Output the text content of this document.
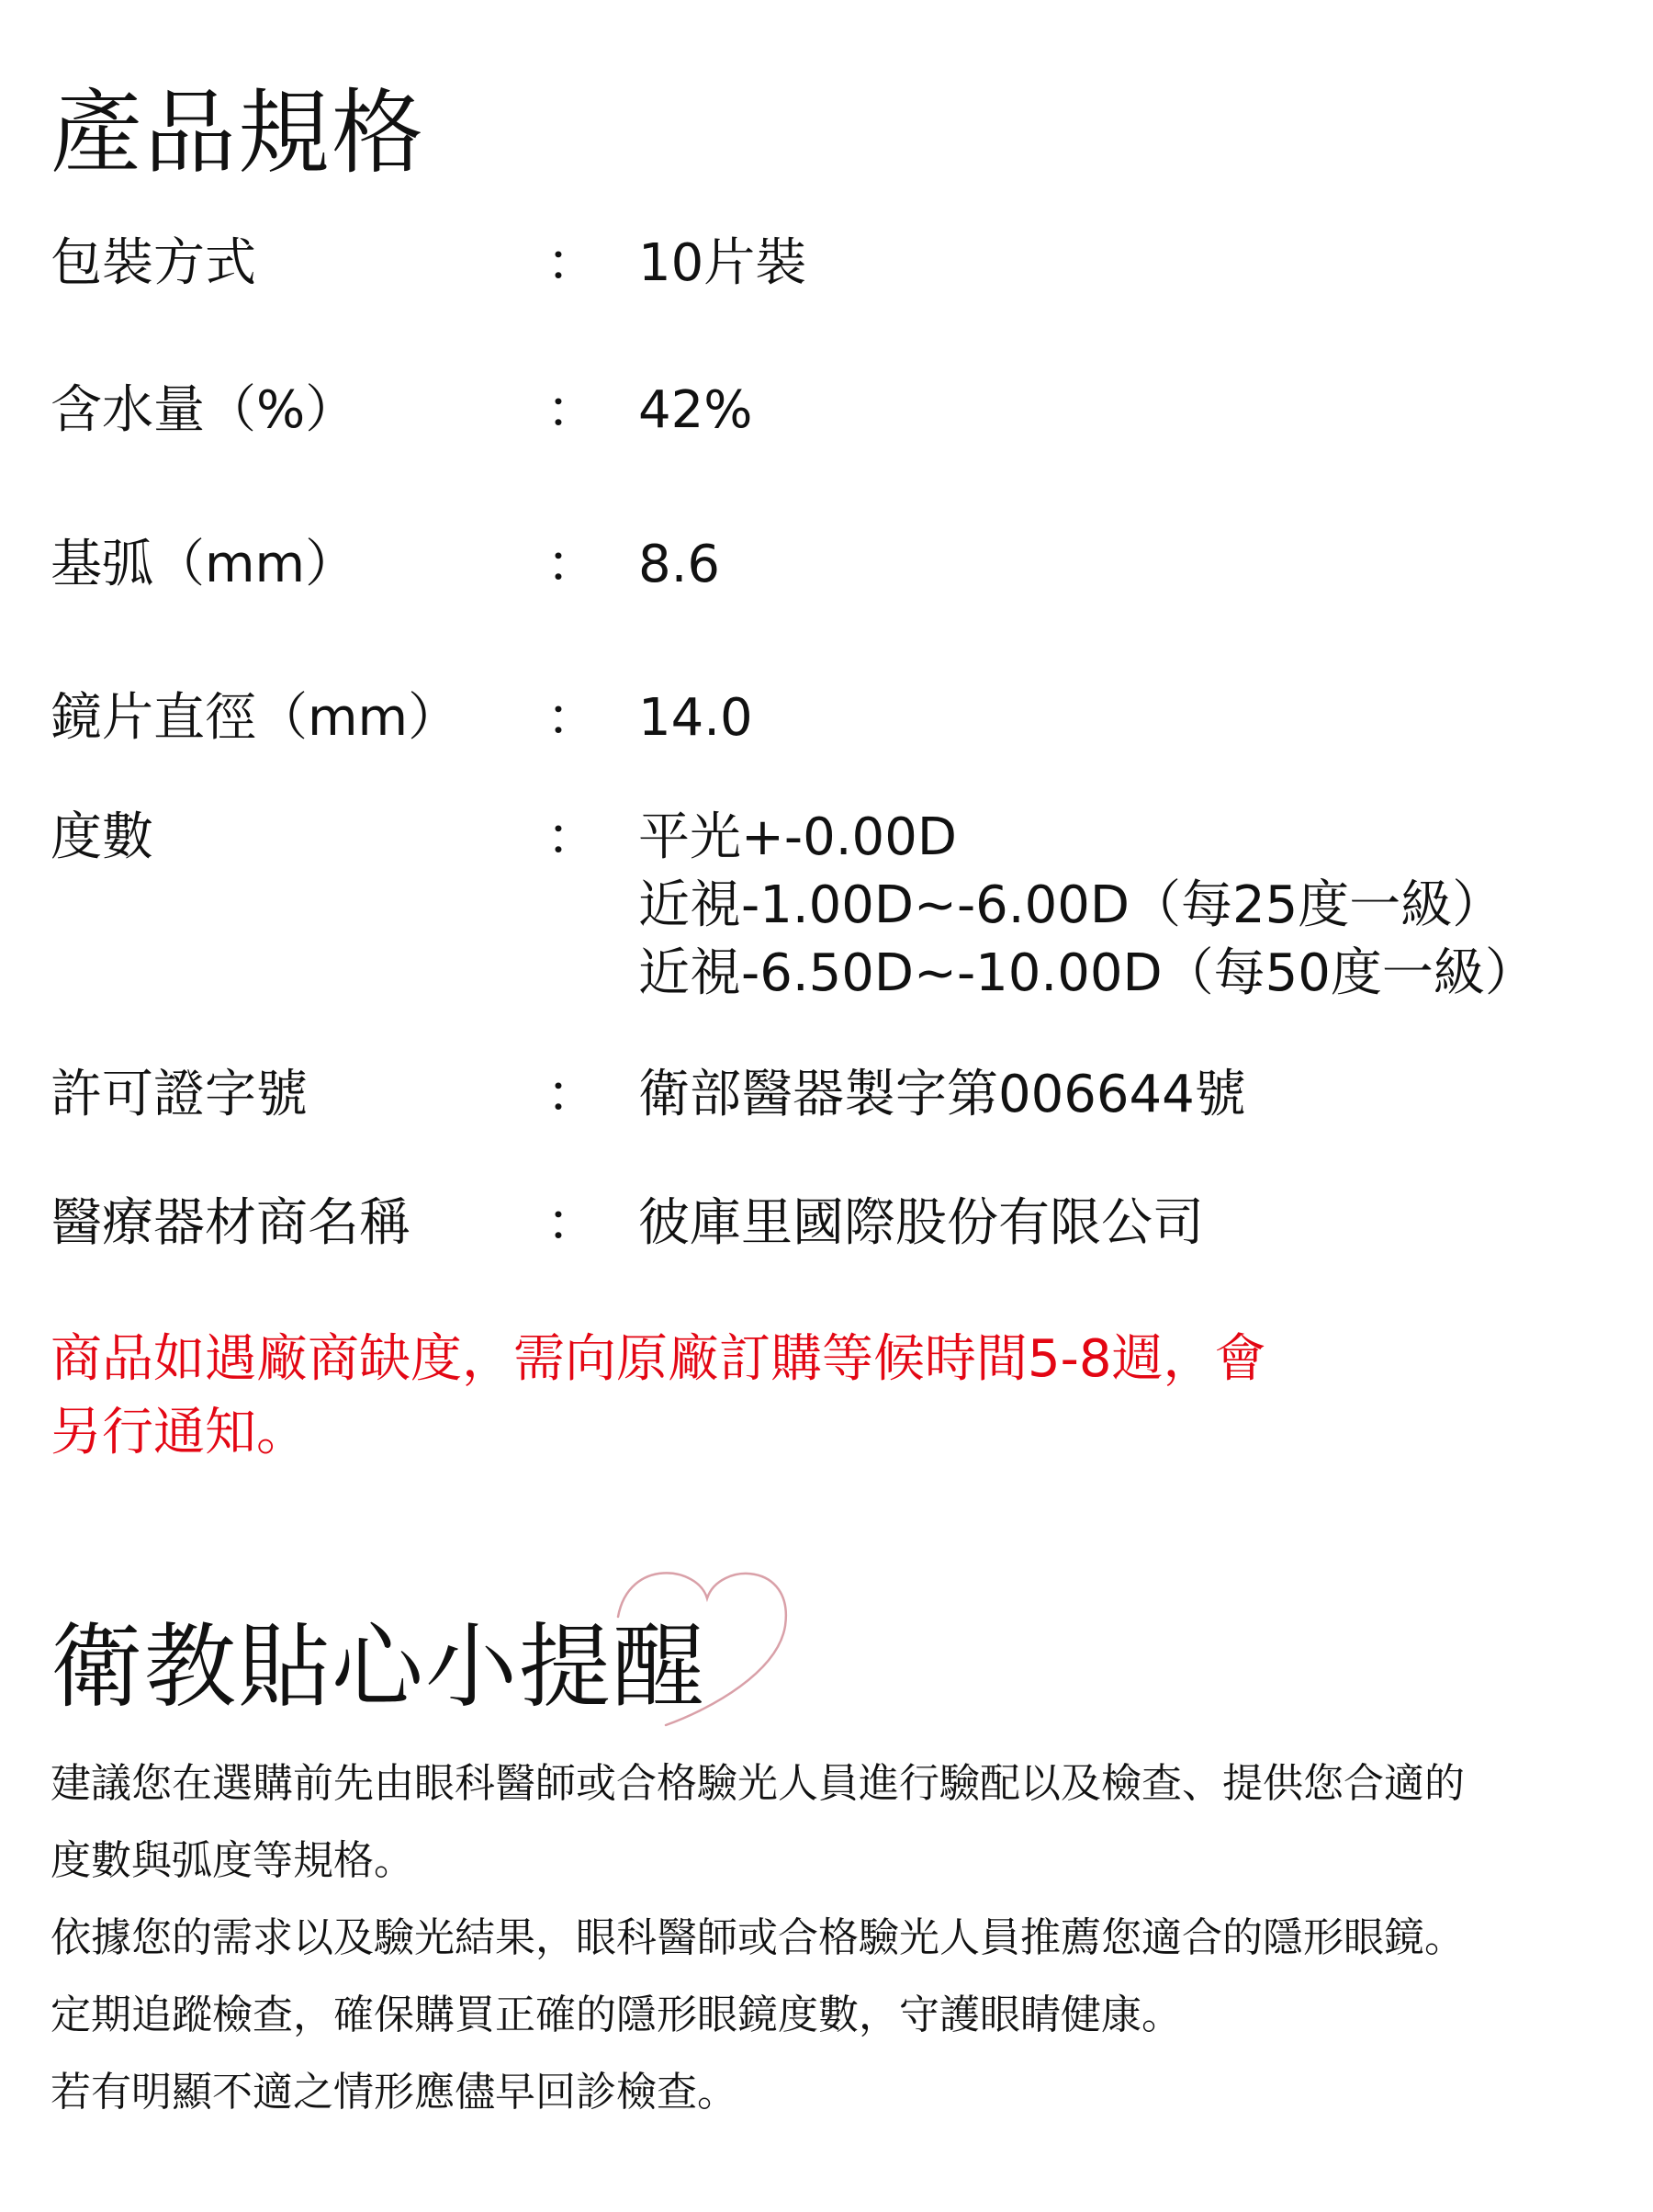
產品規格
包裝方式	： 10片裝
含水量（%）	： 42%
基弧（mm）	： 8.6
鏡片直徑（mm） ： 14.0
度數	： 平光+-0.00D
近視-1.00D~-6.00D（每25度一級）
近視-6.50D~-10.00D（每50度一級）
許可證字號	： 衛部醫器製字第006644號
醫療器材商名稱	： 彼庫里國際股份有限公司
商品如遇廠商缺度，需向原廠訂購等候時間5-8週，會
另行通知。
衛教貼心小提醒
建議您在選購前先由眼科醫師或合格驗光人員進行驗配以及檢查、提供您合適的
度數與弧度等規格。
依據您的需求以及驗光結果，眼科醫師或合格驗光人員推薦您適合的隱形眼鏡。
定期追蹤檢查，確保購買正確的隱形眼鏡度數，守護眼睛健康。
若有明顯不適之情形應儘早回診檢查。
